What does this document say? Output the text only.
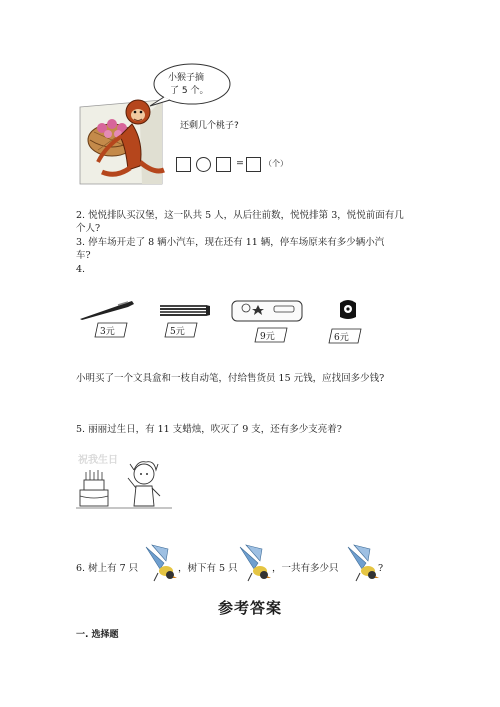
小猴子摘
了 5 个。
还剩几个桃子?
=	（个）
2. 悦悦排队买汉堡，这一队共 5 人，从后往前数，悦悦排第 3，悦悦前面有几
个人?
3. 停车场开走了 8 辆小汽车，现在还有 11 辆，停车场原来有多少辆小汽
车?
4.
3元	5元	9元	6元
小明买了一个文具盒和一枝自动笔，付给售货员 15 元钱，应找回多少钱?
5. 丽丽过生日，有 11 支蜡烛，吹灭了 9 支，还有多少支亮着?
祝我生日
6. 树上有 7 只	，树下有 5 只	，一共有多少只	?
参考答案
一. 选择题
